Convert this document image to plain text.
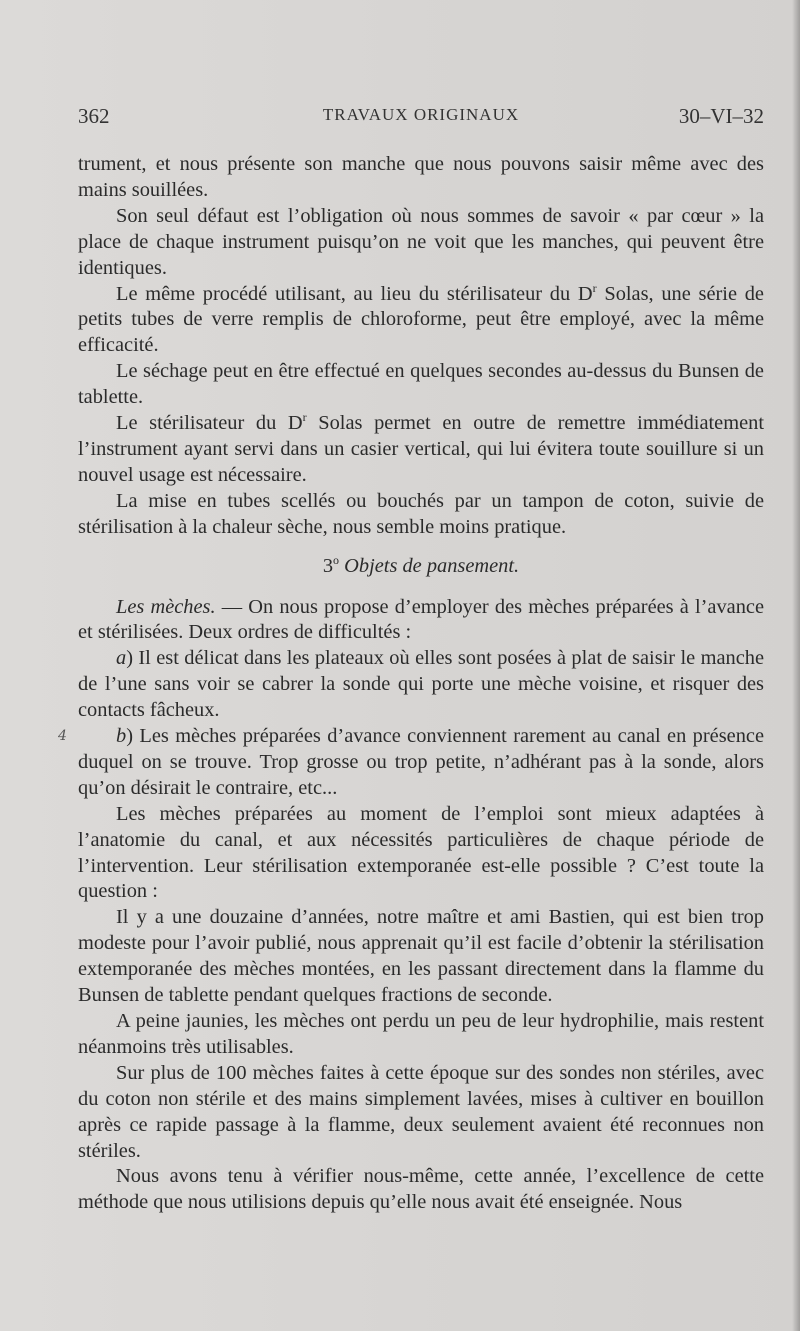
362	TRAVAUX ORIGINAUX	30–VI–32
4

trument, et nous présente son manche que nous pouvons saisir même avec des mains souillées.

Son seul défaut est l’obligation où nous sommes de savoir « par cœur » la place de chaque instrument puisqu’on ne voit que les manches, qui peuvent être identiques.

Le même procédé utilisant, au lieu du stérilisateur du $D^r$ Solas, une série de petits tubes de verre remplis de chloroforme, peut être employé, avec la même efficacité.

Le séchage peut en être effectué en quelques secondes au-dessus du Bunsen de tablette.

Le stérilisateur du $D^r$ Solas permet en outre de remettre immédiatement l’instrument ayant servi dans un casier vertical, qui lui évitera toute souillure si un nouvel usage est nécessaire.

La mise en tubes scellés ou bouchés par un tampon de coton, suivie de stérilisation à la chaleur sèche, nous semble moins pratique.

3$^o$ Objets de pansement.

Les mèches. — On nous propose d’employer des mèches préparées à l’avance et stérilisées. Deux ordres de difficultés :

a) Il est délicat dans les plateaux où elles sont posées à plat de saisir le manche de l’une sans voir se cabrer la sonde qui porte une mèche voisine, et risquer des contacts fâcheux.

b) Les mèches préparées d’avance conviennent rarement au canal en présence duquel on se trouve. Trop grosse ou trop petite, n’adhérant pas à la sonde, alors qu’on désirait le contraire, etc...

Les mèches préparées au moment de l’emploi sont mieux adaptées à l’anatomie du canal, et aux nécessités particulières de chaque période de l’intervention. Leur stérilisation extemporanée est-elle possible ? C’est toute la question :

Il y a une douzaine d’années, notre maître et ami Bastien, qui est bien trop modeste pour l’avoir publié, nous apprenait qu’il est facile d’obtenir la stérilisation extemporanée des mèches montées, en les passant directement dans la flamme du Bunsen de tablette pendant quelques fractions de seconde.

A peine jaunies, les mèches ont perdu un peu de leur hydrophilie, mais restent néanmoins très utilisables.

Sur plus de 100 mèches faites à cette époque sur des sondes non stériles, avec du coton non stérile et des mains simplement lavées, mises à cultiver en bouillon après ce rapide passage à la flamme, deux seulement avaient été reconnues non stériles.

Nous avons tenu à vérifier nous-même, cette année, l’excellence de cette méthode que nous utilisions depuis qu’elle nous avait été enseignée. Nous
